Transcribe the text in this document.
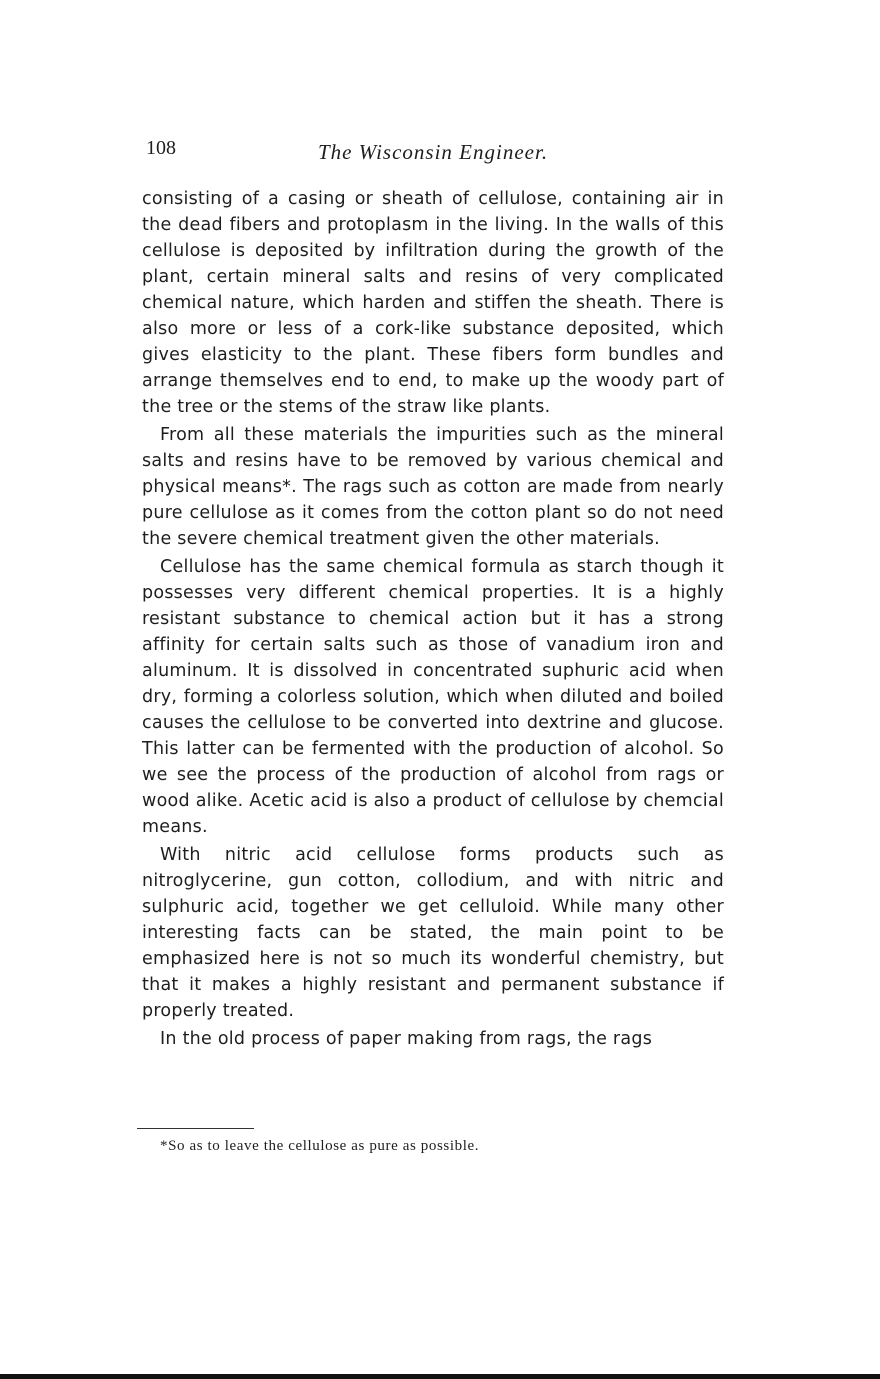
108	The Wisconsin Engineer.

consisting of a casing or sheath of cellulose, containing air in the dead fibers and protoplasm in the living. In the walls of this cellulose is deposited by infiltration during the growth of the plant, certain mineral salts and resins of very complicated chemical nature, which harden and stiffen the sheath. There is also more or less of a cork-like substance deposited, which gives elasticity to the plant. These fibers form bundles and arrange themselves end to end, to make up the woody part of the tree or the stems of the straw like plants.

From all these materials the impurities such as the mineral salts and resins have to be removed by various chemical and physical means*. The rags such as cotton are made from nearly pure cellulose as it comes from the cotton plant so do not need the severe chemical treatment given the other materials.

Cellulose has the same chemical formula as starch though it possesses very different chemical properties. It is a highly resistant substance to chemical action but it has a strong affinity for certain salts such as those of vanadium iron and aluminum. It is dissolved in concentrated suphuric acid when dry, forming a colorless solution, which when diluted and boiled causes the cellulose to be converted into dextrine and glucose. This latter can be fermented with the production of alcohol. So we see the process of the production of alcohol from rags or wood alike. Acetic acid is also a product of cellulose by chemcial means.

With nitric acid cellulose forms products such as nitroglycerine, gun cotton, collodium, and with nitric and sulphuric acid, together we get celluloid. While many other interesting facts can be stated, the main point to be emphasized here is not so much its wonderful chemistry, but that it makes a highly resistant and permanent substance if properly treated.

In the old process of paper making from rags, the rags

*So as to leave the cellulose as pure as possible.
